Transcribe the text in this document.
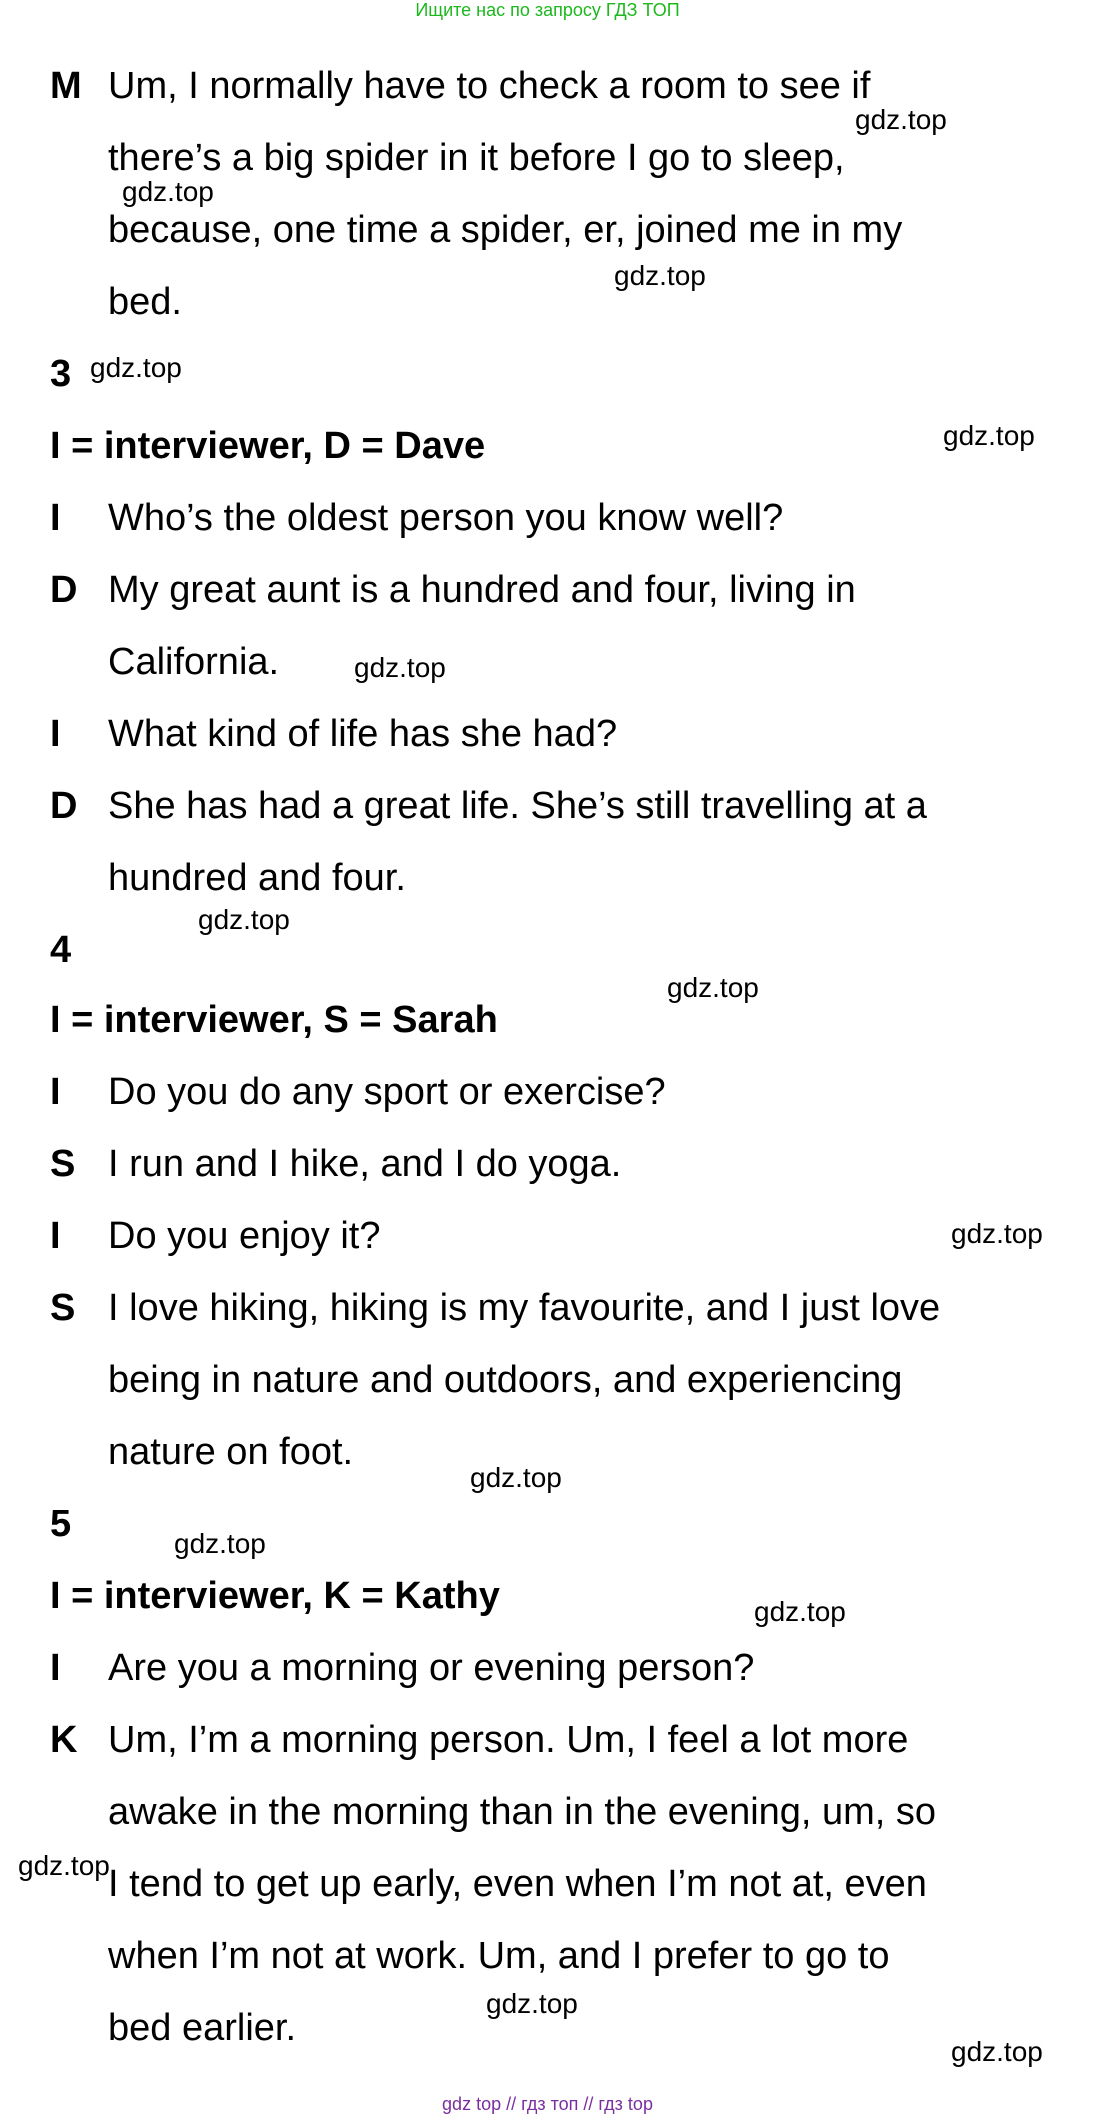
Ищите нас по запросу ГДЗ ТОП
M Um, I normally have to check a room to see if
there’s a big spider in it before I go to sleep,
because, one time a spider, er, joined me in my
bed.
3
I = interviewer, D = Dave
I Who’s the oldest person you know well?
D My great aunt is a hundred and four, living in
California.
I What kind of life has she had?
D She has had a great life. She’s still travelling at a
hundred and four.
4
I = interviewer, S = Sarah
I Do you do any sport or exercise?
S I run and I hike, and I do yoga.
I Do you enjoy it?
S I love hiking, hiking is my favourite, and I just love
being in nature and outdoors, and experiencing
nature on foot.
5
I = interviewer, K = Kathy
I Are you a morning or evening person?
K Um, I’m a morning person. Um, I feel a lot more
awake in the morning than in the evening, um, so
I tend to get up early, even when I’m not at, even
when I’m not at work. Um, and I prefer to go to
bed earlier.
gdz.top
gdz.top
gdz.top
gdz.top
gdz.top
gdz.top
gdz.top
gdz.top
gdz.top
gdz.top
gdz.top
gdz.top
gdz.top
gdz.top
gdz.top
gdz top // гдз топ // гдз top
